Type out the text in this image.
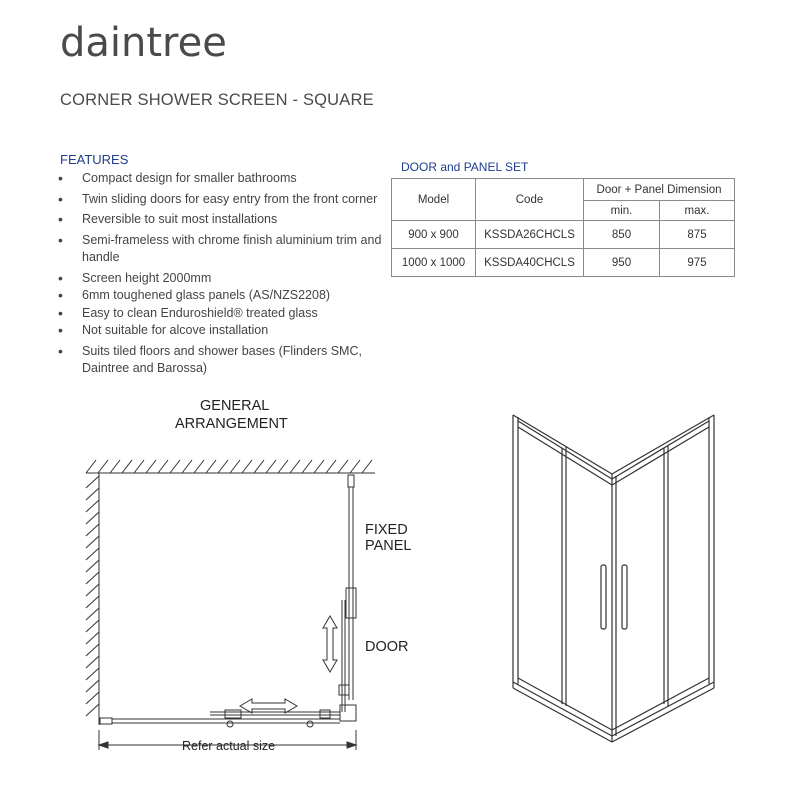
daintree
CORNER SHOWER SCREEN - SQUARE
FEATURES
• Compact design for smaller bathrooms
• Twin sliding doors for easy entry from the front corner
• Reversible to suit most installations
• Semi-frameless with chrome finish aluminium trim and handle
• Screen height 2000mm
• 6mm toughened glass panels (AS/NZS2208)
• Easy to clean Endurоshield® treated glass
• Not suitable for alcove installation
• Suits tiled floors and shower bases (Flinders SMC, Daintree and Barossa)
DOOR and PANEL SET
Model	Code	Door + Panel Dimension	
		min.	max.
900 x 900	KSSDA26CHCLS	850	875
1000 x 1000	KSSDA40CHCLS	950	975
GENERAL
ARRANGEMENT
FIXED
PANEL
DOOR
Refer actual size
